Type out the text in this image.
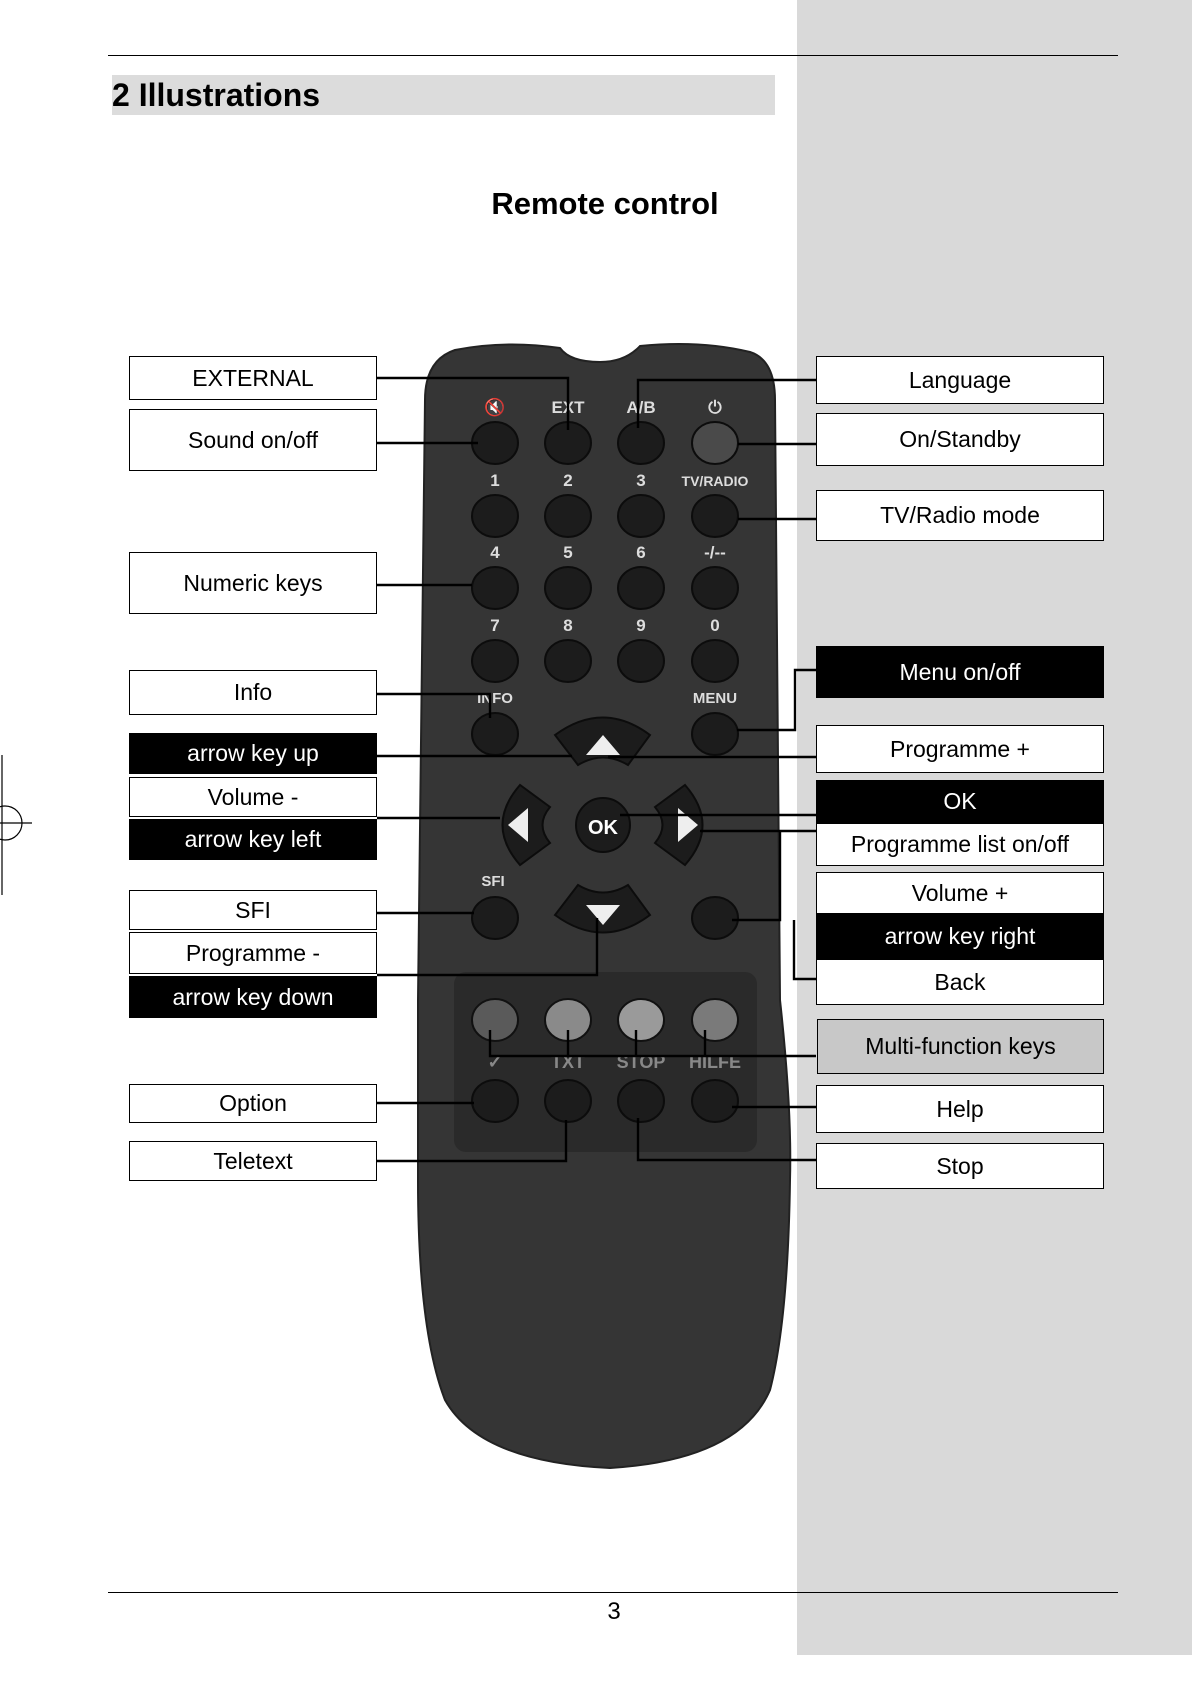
2 Illustrations
Remote control
🔇	EXT A/B	⏻
1	2	3	TV/RADIO
4	5	6	-/--
7	8	9	0
INFO	MENU
SFI
✓	TXT STOP HILFE
OK
EXTERNAL
Sound on/off
Numeric keys
Info
arrow key up
Volume -
arrow key left
SFI
Programme -
arrow key down
Option
Teletext
Language
On/Standby
TV/Radio mode
Menu on/off
Programme +
OK
Programme list on/off
Volume +
arrow key right
Back
Multi-function keys
Help
Stop
3
